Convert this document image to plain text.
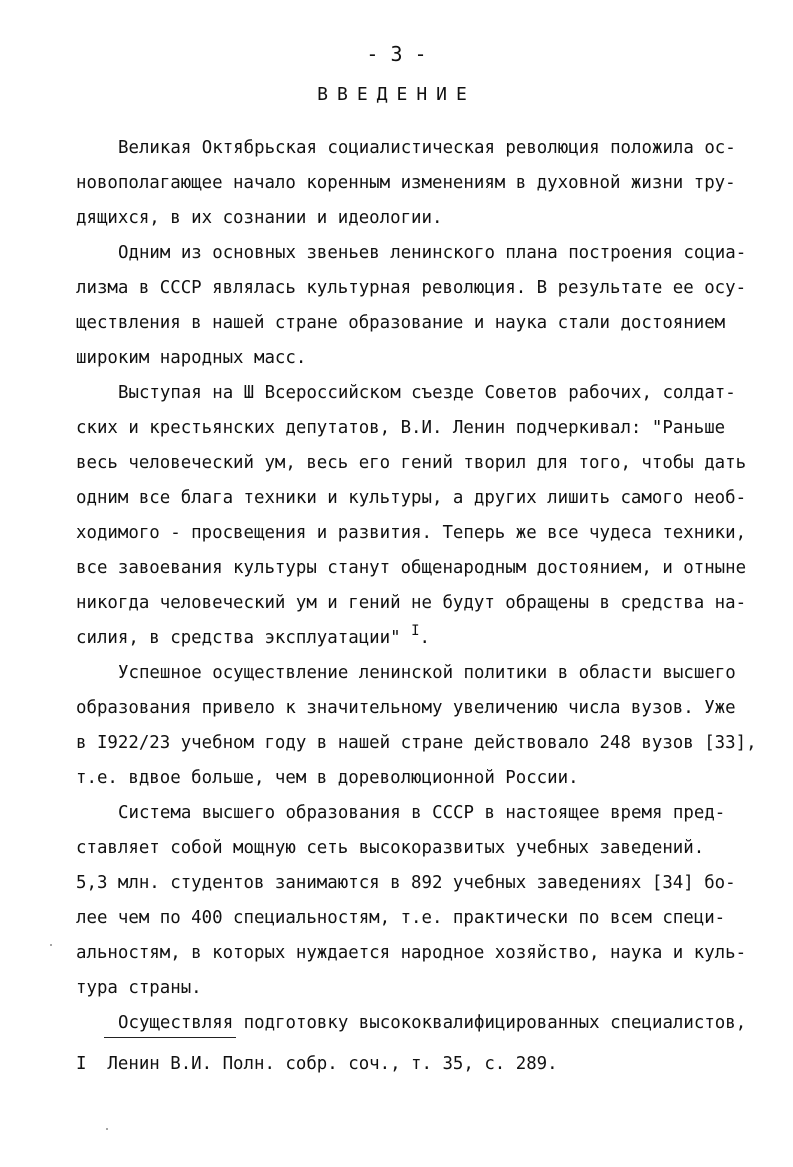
- 3 -
ВВЕДЕНИЕ
Великая Октябрьская социалистическая революция положила ос-
новополагающее начало коренным изменениям в духовной жизни тру-
дящихся, в их сознании и идеологии.
Одним из основных звеньев ленинского плана построения социа-
лизма в СССР являлась культурная революция. В результате ее осу-
ществления в нашей стране образование и наука стали достоянием
широким народных масс.
Выступая на Ш Всероссийском съезде Советов рабочих, солдат-
ских и крестьянских депутатов, В.И. Ленин подчеркивал: "Раньше
весь человеческий ум, весь его гений творил для того, чтобы дать
одним все блага техники и культуры, а других лишить самого необ-
ходимого - просвещения и развития. Теперь же все чудеса техники,
все завоевания культуры станут общенародным достоянием, и отныне
никогда человеческий ум и гений не будут обращены в средства на-
силия, в средства эксплуатации" $^I$.
Успешное осуществление ленинской политики в области высшего
образования привело к значительному увеличению числа вузов. Уже
в I922/23 учебном году в нашей стране действовало 248 вузов [33],
т.е. вдвое больше, чем в дореволюционной России.
Система высшего образования в СССР в настоящее время пред-
ставляет собой мощную сеть высокоразвитых учебных заведений.
5,3 млн. студентов занимаются в 892 учебных заведениях [34] бо-
лее чем по 400 специальностям, т.е. практически по всем специ-
альностям, в которых нуждается народное хозяйство, наука и куль-
тура страны.
Осуществляя подготовку высококвалифицированных специалистов,
I  Ленин В.И. Полн. собр. соч., т. 35, с. 289.
